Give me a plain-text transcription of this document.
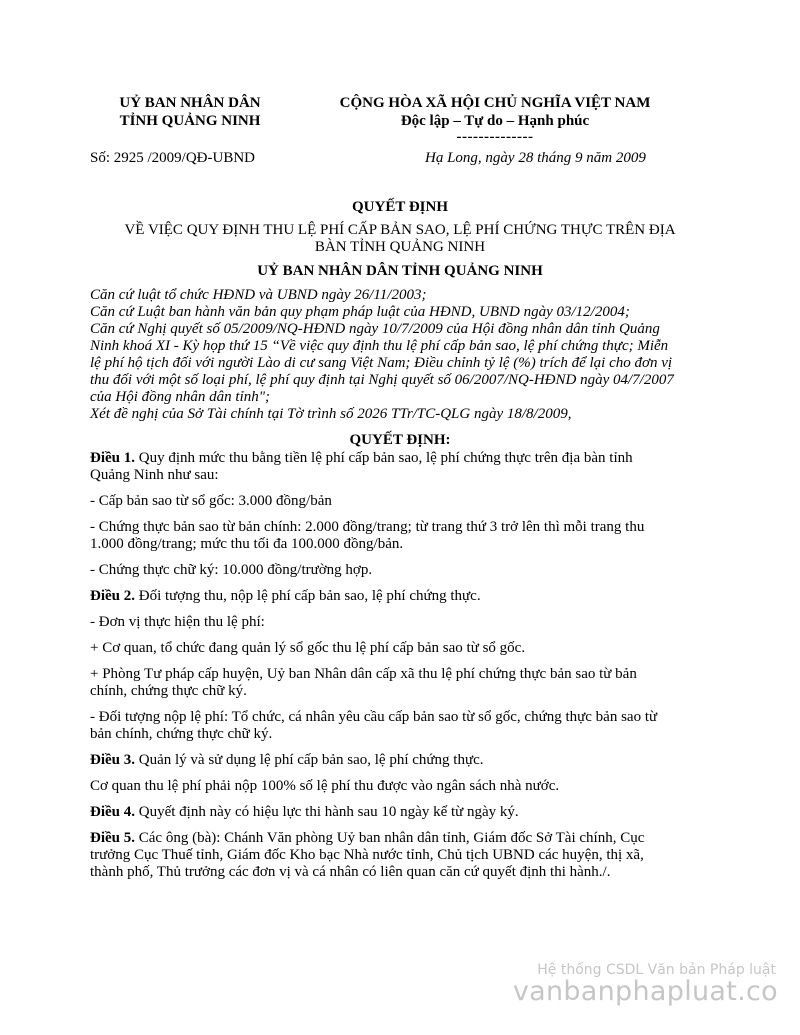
UỶ BAN NHÂN DÂN
TỈNH QUẢNG NINH
CỘNG HÒA XÃ HỘI CHỦ NGHĨA VIỆT NAM
Độc lập – Tự do – Hạnh phúc
--------------
Số: 2925 /2009/QĐ-UBND	Hạ Long, ngày 28 tháng 9 năm 2009
QUYẾT ĐỊNH
VỀ VIỆC QUY ĐỊNH THU LỆ PHÍ CẤP BẢN SAO, LỆ PHÍ CHỨNG THỰC TRÊN ĐỊA
BÀN TỈNH QUẢNG NINH
UỶ BAN NHÂN DÂN TỈNH QUẢNG NINH
Căn cứ luật tổ chức HĐND và UBND ngày 26/11/2003;
Căn cứ Luật ban hành văn bản quy phạm pháp luật của HĐND, UBND ngày 03/12/2004;
Căn cứ Nghị quyết số 05/2009/NQ-HĐND ngày 10/7/2009 của Hội đồng nhân dân tỉnh Quảng
Ninh khoá XI - Kỳ họp thứ 15 “Về việc quy định thu lệ phí cấp bản sao, lệ phí chứng thực; Miễn
lệ phí hộ tịch đối với người Lào di cư sang Việt Nam; Điều chỉnh tỷ lệ (%) trích để lại cho đơn vị
thu đối với một số loại phí, lệ phí quy định tại Nghị quyết số 06/2007/NQ-HĐND ngày 04/7/2007
của Hội đồng nhân dân tỉnh";
Xét đề nghị của Sở Tài chính tại Tờ trình số 2026 TTr/TC-QLG ngày 18/8/2009,
QUYẾT ĐỊNH:

Điều 1. Quy định mức thu bằng tiền lệ phí cấp bản sao, lệ phí chứng thực trên địa bàn tỉnh
Quảng Ninh như sau:

- Cấp bản sao từ sổ gốc: 3.000 đồng/bản

- Chứng thực bản sao từ bản chính: 2.000 đồng/trang; từ trang thứ 3 trở lên thì mỗi trang thu
1.000 đồng/trang; mức thu tối đa 100.000 đồng/bản.

- Chứng thực chữ ký: 10.000 đồng/trường hợp.

Điều 2. Đối tượng thu, nộp lệ phí cấp bản sao, lệ phí chứng thực.

- Đơn vị thực hiện thu lệ phí:

+ Cơ quan, tổ chức đang quản lý sổ gốc thu lệ phí cấp bản sao từ sổ gốc.

+ Phòng Tư pháp cấp huyện, Uỷ ban Nhân dân cấp xã thu lệ phí chứng thực bản sao từ bản
chính, chứng thực chữ ký.

- Đối tượng nộp lệ phí: Tổ chức, cá nhân yêu cầu cấp bản sao từ sổ gốc, chứng thực bản sao từ
bản chính, chứng thực chữ ký.

Điều 3. Quản lý và sử dụng lệ phí cấp bản sao, lệ phí chứng thực.

Cơ quan thu lệ phí phải nộp 100% số lệ phí thu được vào ngân sách nhà nước.

Điều 4. Quyết định này có hiệu lực thi hành sau 10 ngày kể từ ngày ký.

Điều 5. Các ông (bà): Chánh Văn phòng Uỷ ban nhân dân tỉnh, Giám đốc Sở Tài chính, Cục
trưởng Cục Thuế tỉnh, Giám đốc Kho bạc Nhà nước tỉnh, Chủ tịch UBND các huyện, thị xã,
thành phố, Thủ trưởng các đơn vị và cá nhân có liên quan căn cứ quyết định thi hành./.

Hệ thống CSDL Văn bản Pháp luật
vanbanphapluat.co
